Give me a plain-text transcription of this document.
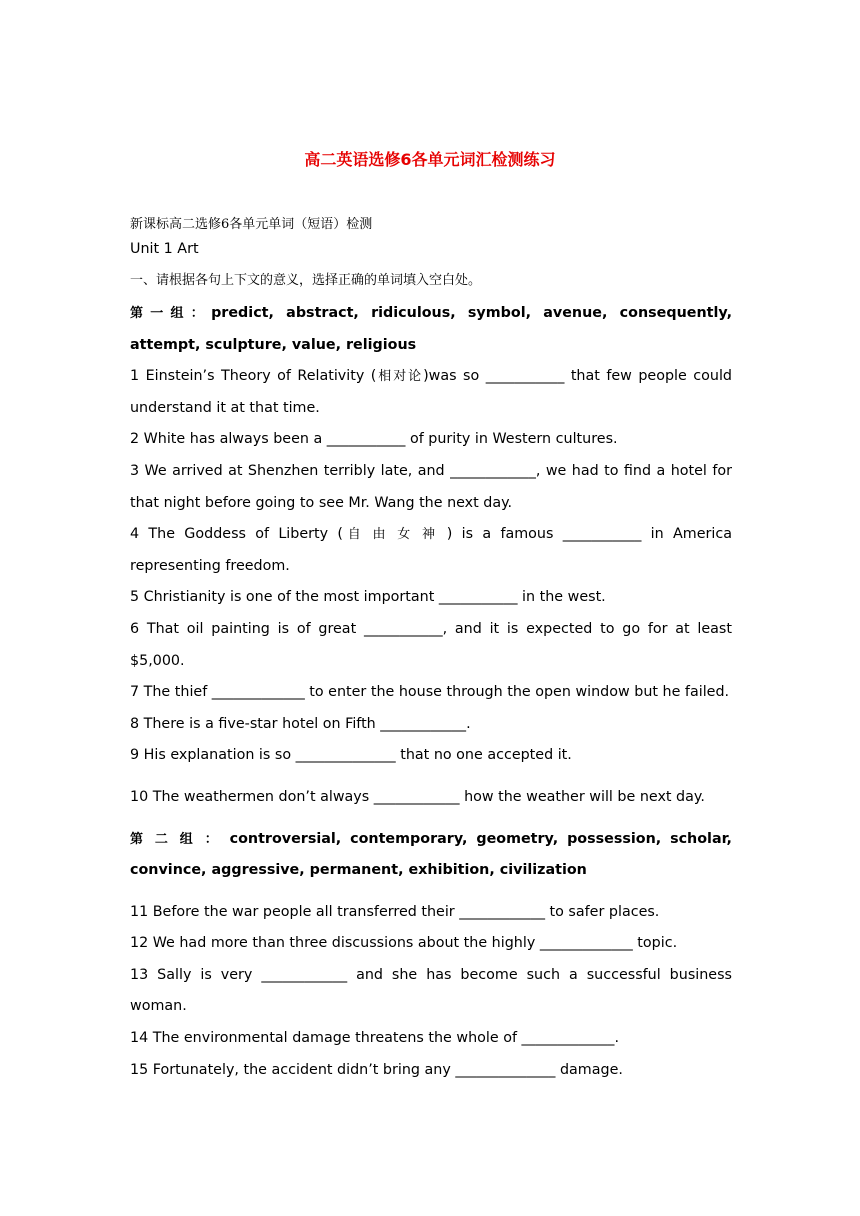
高二英语选修6各单元词汇检测练习
新课标高二选修6各单元单词（短语）检测
Unit 1 Art
一、请根据各句上下文的意义，选择正确的单词填入空白处。
第一组：predict, abstract, ridiculous, symbol, avenue, consequently, attempt, sculpture, value, religious
1 Einstein’s Theory of Relativity (相对论)was so ___________ that few people could understand it at that time.
2 White has always been a ___________ of purity in Western cultures.
3 We arrived at Shenzhen terribly late, and ____________, we had to find a hotel for that night before going to see Mr. Wang the next day.
4 The Goddess of Liberty (自由女神) is a famous ___________ in America representing freedom.
5 Christianity is one of the most important ___________ in the west.
6 That oil painting is of great ___________, and it is expected to go for at least $5,000.
7 The thief _____________ to enter the house through the open window but he failed.
8 There is a five-star hotel on Fifth ____________.
9 His explanation is so ______________ that no one accepted it.
10 The weathermen don’t always ____________ how the weather will be next day.
第二组：controversial, contemporary, geometry, possession, scholar, convince, aggressive, permanent, exhibition, civilization
11 Before the war people all transferred their ____________ to safer places.
12 We had more than three discussions about the highly _____________ topic.
13 Sally is very ____________ and she has become such a successful business woman.
14 The environmental damage threatens the whole of _____________.
15 Fortunately, the accident didn’t bring any ______________ damage.
